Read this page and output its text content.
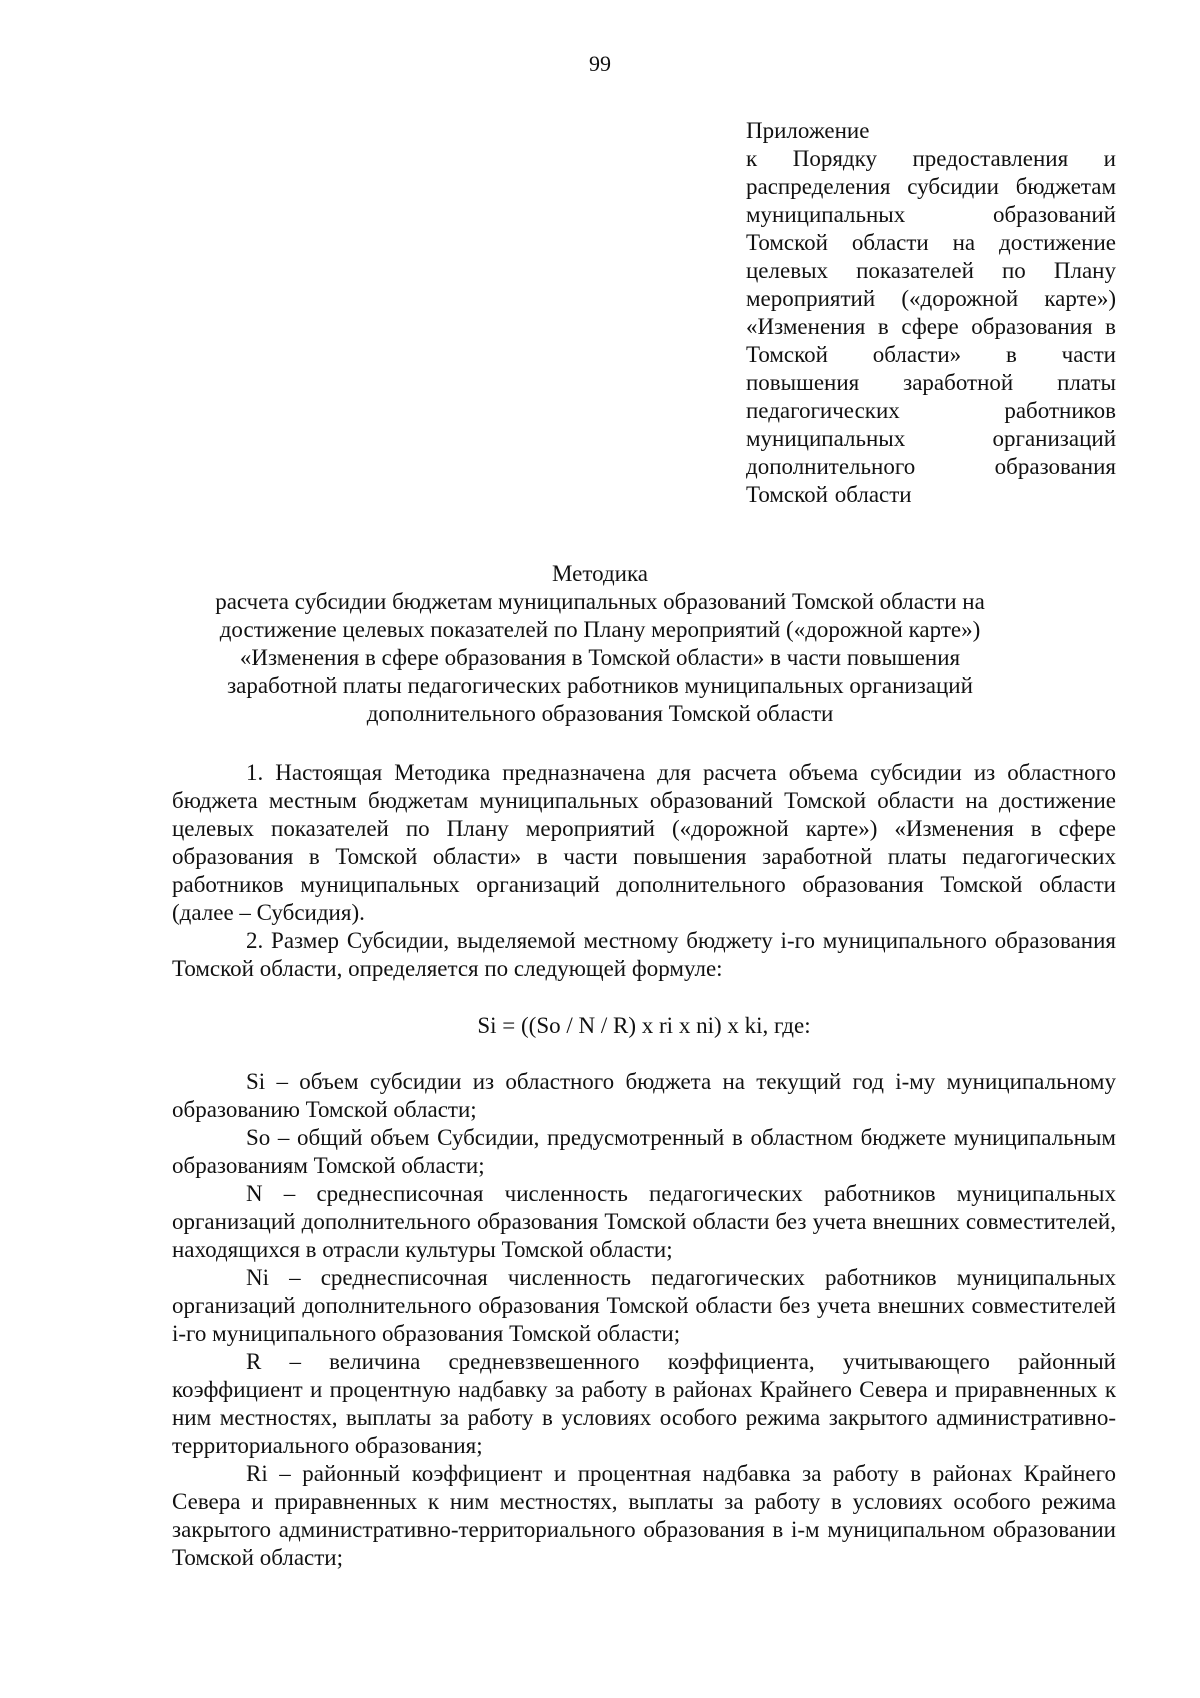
99
Приложение
к Порядку предоставления и распределения субсидии бюджетам муниципальных образований Томской области на достижение целевых показателей по Плану мероприятий («дорожной карте») «Изменения в сфере образования в Томской области» в части повышения заработной платы педагогических работников муниципальных организаций дополнительного образования Томской области
Методика
расчета субсидии бюджетам муниципальных образований Томской области на достижение целевых показателей по Плану мероприятий («дорожной карте») «Изменения в сфере образования в Томской области» в части повышения заработной платы педагогических работников муниципальных организаций дополнительного образования Томской области

1. Настоящая Методика предназначена для расчета объема субсидии из областного бюджета местным бюджетам муниципальных образований Томской области на достижение целевых показателей по Плану мероприятий («дорожной карте») «Изменения в сфере образования в Томской области» в части повышения заработной платы педагогических работников муниципальных организаций дополнительного образования Томской области (далее – Субсидия).

2. Размер Субсидии, выделяемой местному бюджету i-го муниципального образования Томской области, определяется по следующей формуле:

Si = ((So / N / R) x ri x ni) x ki, где:

Si – объем субсидии из областного бюджета на текущий год i-му муниципальному образованию Томской области;

So – общий объем Субсидии, предусмотренный в областном бюджете муниципальным образованиям Томской области;

N – среднесписочная численность педагогических работников муниципальных организаций дополнительного образования Томской области без учета внешних совместителей, находящихся в отрасли культуры Томской области;

Ni – среднесписочная численность педагогических работников муниципальных организаций дополнительного образования Томской области без учета внешних совместителей i-го муниципального образования Томской области;

R – величина средневзвешенного коэффициента, учитывающего районный коэффициент и процентную надбавку за работу в районах Крайнего Севера и приравненных к ним местностях, выплаты за работу в условиях особого режима закрытого административно-территориального образования;

Ri – районный коэффициент и процентная надбавка за работу в районах Крайнего Севера и приравненных к ним местностях, выплаты за работу в условиях особого режима закрытого административно-территориального образования в i-м муниципальном образовании Томской области;
